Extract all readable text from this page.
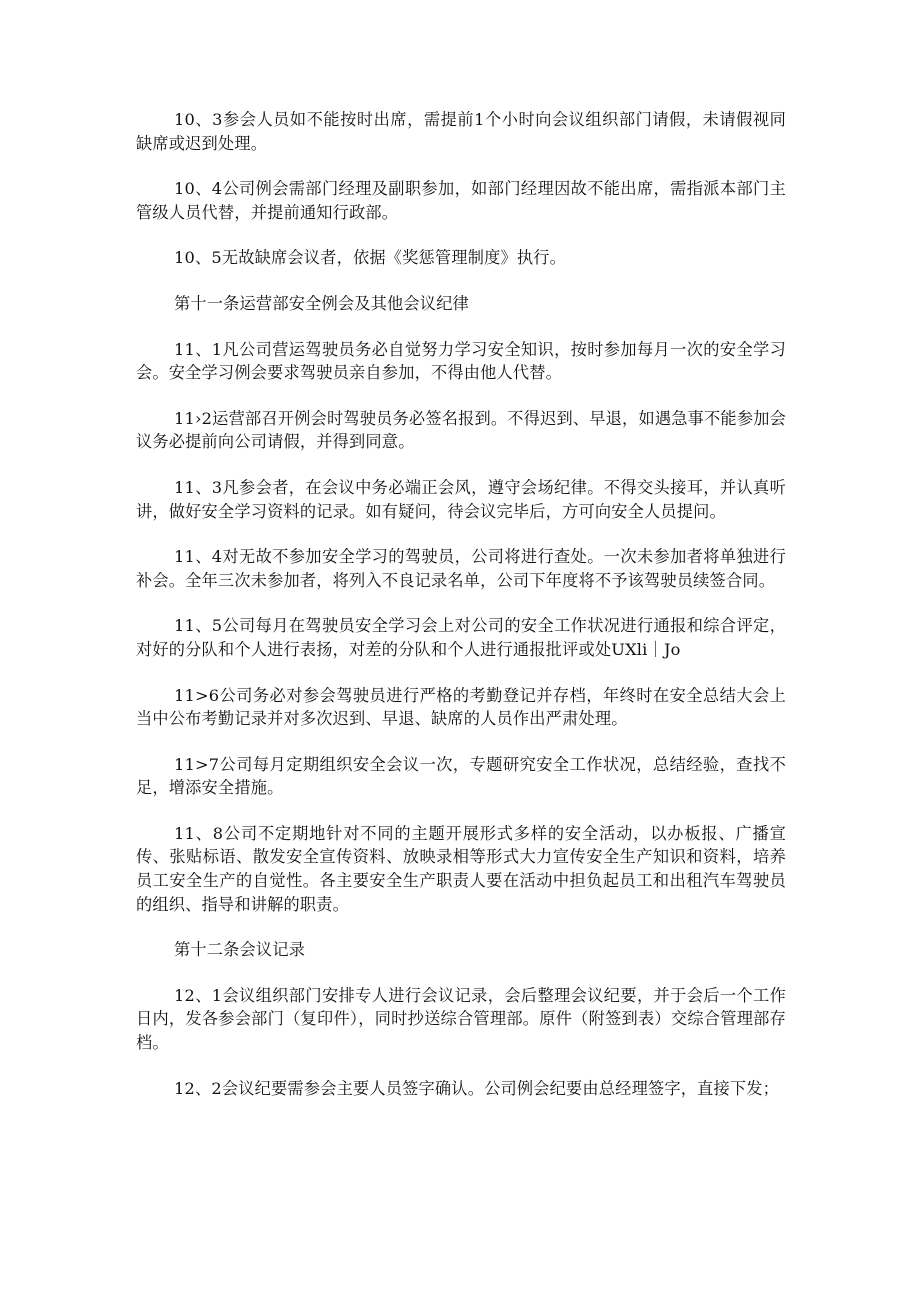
10、3参会人员如不能按时出席，需提前1个小时向会议组织部门请假，未请假视同缺席或迟到处理。

10、4公司例会需部门经理及副职参加，如部门经理因故不能出席，需指派本部门主管级人员代替，并提前通知行政部。

10、5无故缺席会议者，依据《奖惩管理制度》执行。

第十一条运营部安全例会及其他会议纪律

11、1凡公司营运驾驶员务必自觉努力学习安全知识，按时参加每月一次的安全学习会。安全学习例会要求驾驶员亲自参加，不得由他人代替。

11›2运营部召开例会时驾驶员务必签名报到。不得迟到、早退，如遇急事不能参加会议务必提前向公司请假，并得到同意。

11、3凡参会者，在会议中务必端正会风，遵守会场纪律。不得交头接耳，并认真听讲，做好安全学习资料的记录。如有疑问，待会议完毕后，方可向安全人员提问。

11、4对无故不参加安全学习的驾驶员，公司将进行查处。一次未参加者将单独进行补会。全年三次未参加者，将列入不良记录名单，公司下年度将不予该驾驶员续签合同。

11、5公司每月在驾驶员安全学习会上对公司的安全工作状况进行通报和综合评定，对好的分队和个人进行表扬，对差的分队和个人进行通报批评或处UXli｜Jo

11>6公司务必对参会驾驶员进行严格的考勤登记并存档，年终时在安全总结大会上当中公布考勤记录并对多次迟到、早退、缺席的人员作出严肃处理。

11>7公司每月定期组织安全会议一次，专题研究安全工作状况，总结经验，查找不足，增添安全措施。

11、8公司不定期地针对不同的主题开展形式多样的安全活动，以办板报、广播宣传、张贴标语、散发安全宣传资料、放映录相等形式大力宣传安全生产知识和资料，培养员工安全生产的自觉性。各主要安全生产职责人要在活动中担负起员工和出租汽车驾驶员的组织、指导和讲解的职责。

第十二条会议记录

12、1会议组织部门安排专人进行会议记录，会后整理会议纪要，并于会后一个工作日内，发各参会部门（复印件），同时抄送综合管理部。原件（附签到表）交综合管理部存档。

12、2会议纪要需参会主要人员签字确认。公司例会纪要由总经理签字，直接下发；
